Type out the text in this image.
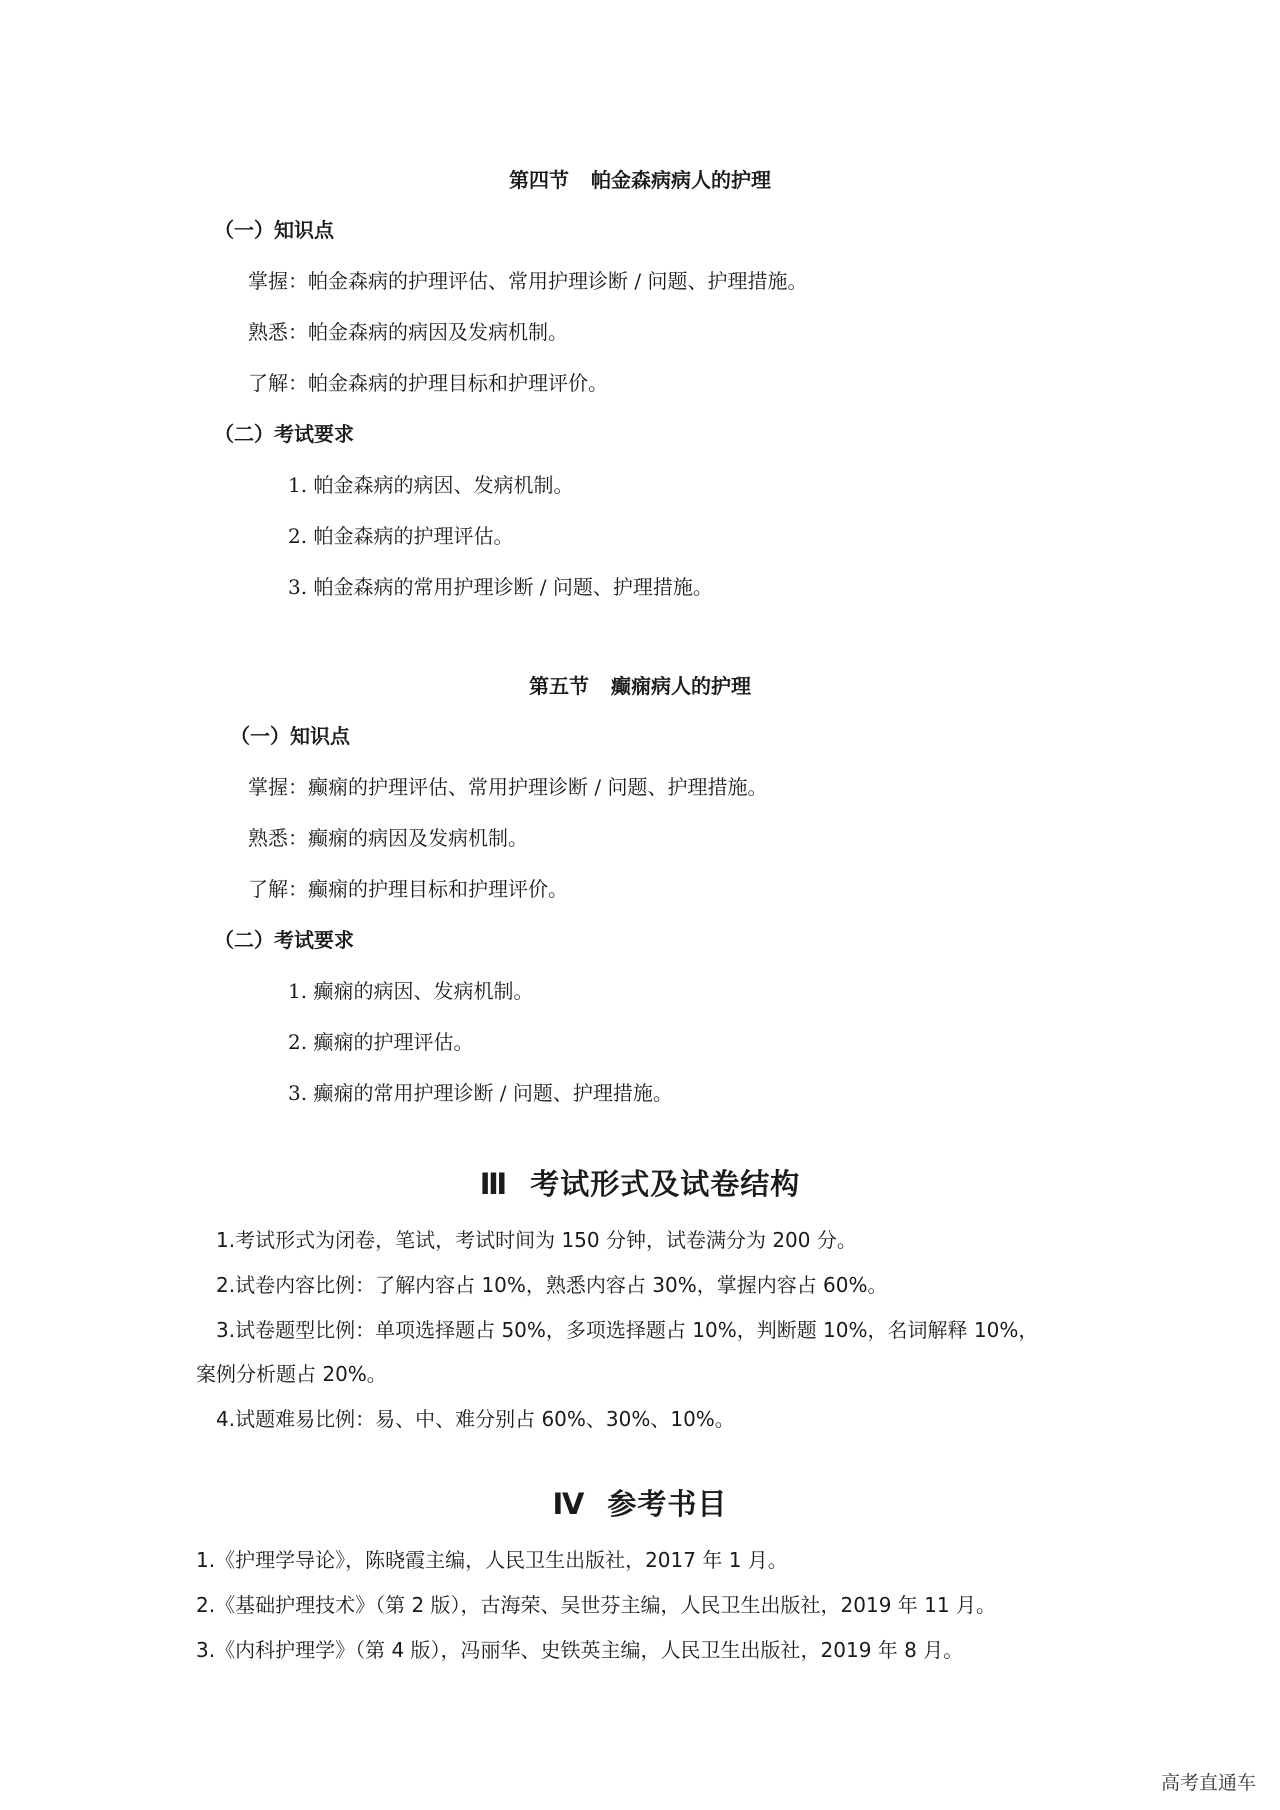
第四节 帕金森病病人的护理
（一）知识点
掌握：帕金森病的护理评估、常用护理诊断 / 问题、护理措施。
熟悉：帕金森病的病因及发病机制。
了解：帕金森病的护理目标和护理评价。
（二）考试要求
1. 帕金森病的病因、发病机制。
2. 帕金森病的护理评估。
3. 帕金森病的常用护理诊断 / 问题、护理措施。
第五节 癫痫病人的护理
（一）知识点
掌握：癫痫的护理评估、常用护理诊断 / 问题、护理措施。
熟悉：癫痫的病因及发病机制。
了解：癫痫的护理目标和护理评价。
（二）考试要求
1. 癫痫的病因、发病机制。
2. 癫痫的护理评估。
3. 癫痫的常用护理诊断 / 问题、护理措施。
Ⅲ 考试形式及试卷结构
1.考试形式为闭卷，笔试，考试时间为 150 分钟，试卷满分为 200 分。
2.试卷内容比例：了解内容占 10%，熟悉内容占 30%，掌握内容占 60%。
3.试卷题型比例：单项选择题占 50%，多项选择题占 10%，判断题 10%，名词解释 10%，
案例分析题占 20%。
4.试题难易比例：易、中、难分别占 60%、30%、10%。
Ⅳ 参考书目
1.《护理学导论》，陈晓霞主编，人民卫生出版社，2017 年 1 月。
2.《基础护理技术》（第 2 版），古海荣、吴世芬主编，人民卫生出版社，2019 年 11 月。
3.《内科护理学》（第 4 版），冯丽华、史铁英主编，人民卫生出版社，2019 年 8 月。
高考直通车
